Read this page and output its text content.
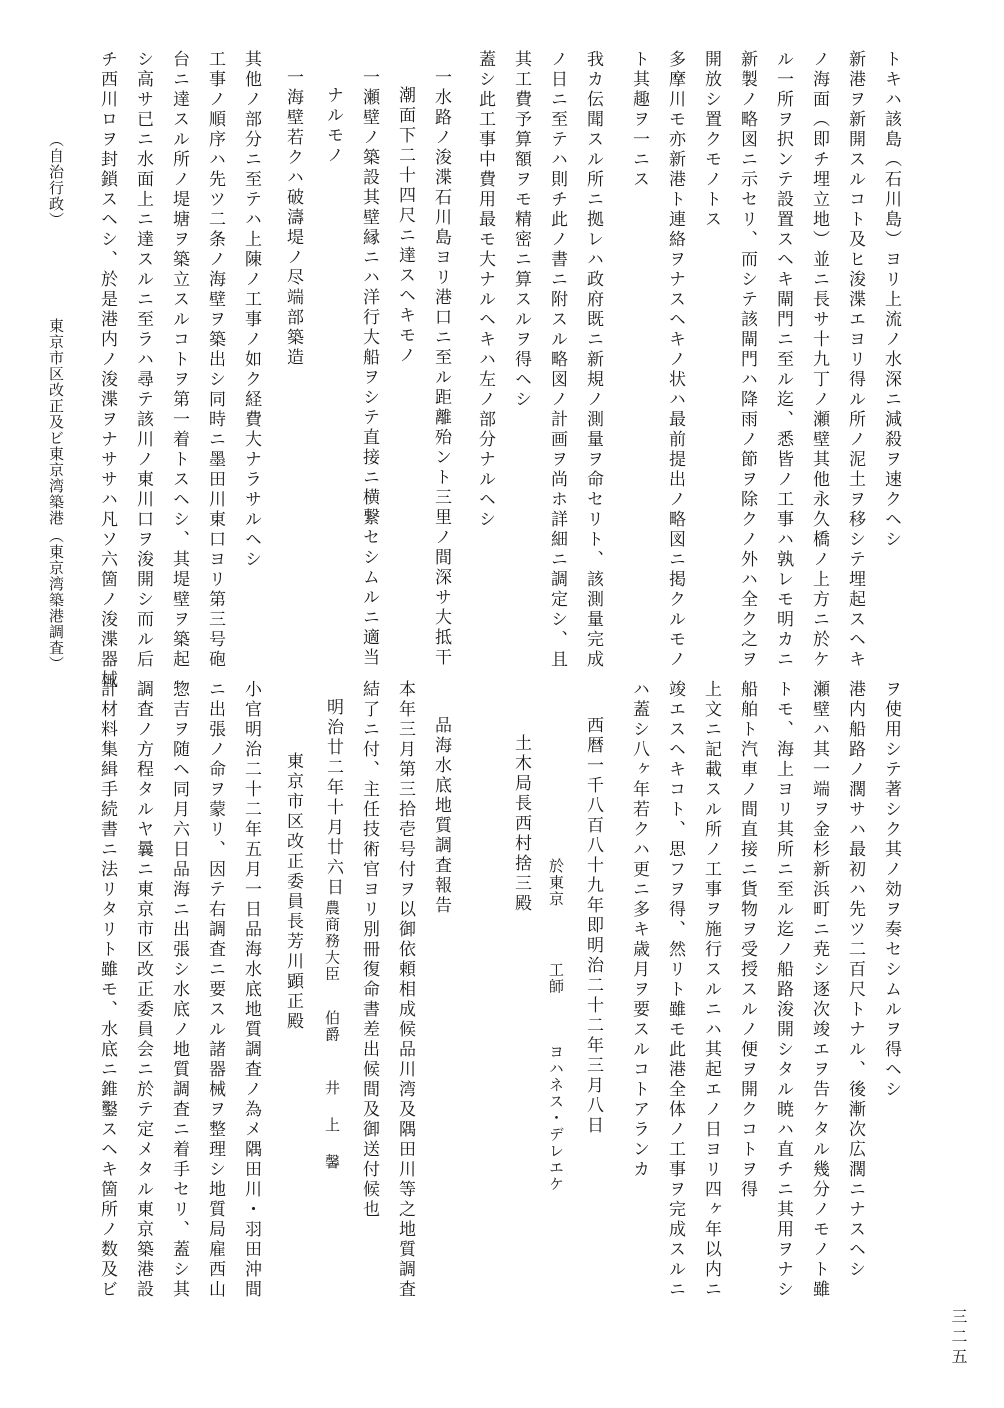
（自治行政）
東京市区改正及ビ東京湾築港
（東京湾築港調査）
三二五
トキハ該島（石川島）ヨリ上流ノ水深ニ減殺ヲ速クヘシ
新港ヲ新開スルコト及ヒ浚渫エヨリ得ル所ノ泥土ヲ移シテ埋起スヘキ
ノ海面（即チ埋立地）並ニ長サ十九丁ノ瀬壁其他永久橋ノ上方ニ於ケ
ル一所ヲ択ンテ設置スヘキ閘門ニ至ル迄、悉皆ノ工事ハ孰レモ明カニ
新製ノ略図ニ示セリ、而シテ該閘門ハ降雨ノ節ヲ除クノ外ハ全ク之ヲ
開放シ置クモノトス
多摩川モ亦新港ト連絡ヲナスヘキノ状ハ最前提出ノ略図ニ掲クルモノ
ト其趣ヲ一ニス
我カ伝聞スル所ニ拠レハ政府既ニ新規ノ測量ヲ命セリト、該測量完成
ノ日ニ至テハ則チ此ノ書ニ附スル略図ノ計画ヲ尚ホ詳細ニ調定シ、且
其工費予算額ヲモ精密ニ算スルヲ得ヘシ
蓋シ此工事中費用最モ大ナルヘキハ左ノ部分ナルヘシ
一水路ノ浚渫石川島ヨリ港口ニ至ル距離殆ント三里ノ間深サ大抵干
潮面下二十四尺ニ達スヘキモノ
一瀬壁ノ築設其壁縁ニハ洋行大船ヲシテ直接ニ横繋セシムルニ適当
ナルモノ
一海壁若クハ破濤堤ノ尽端部築造
其他ノ部分ニ至テハ上陳ノ工事ノ如ク経費大ナラサルヘシ
工事ノ順序ハ先ツ二条ノ海壁ヲ築出シ同時ニ墨田川東口ヨリ第三号砲
台ニ達スル所ノ堤塘ヲ築立スルコトヲ第一着トスヘシ、其堤壁ヲ築起
シ高サ已ニ水面上ニ達スルニ至ラハ尋テ該川ノ東川口ヲ浚開シ而ル后
チ西川ロヲ封鎖スヘシ、於是港内ノ浚渫ヲナササハ凡ソ六箇ノ浚渫器械
ヲ使用シテ著シク其ノ効ヲ奏セシムルヲ得ヘシ
港内船路ノ濶サハ最初ハ先ツ二百尺トナル、後漸次広濶ニナスヘシ
瀬壁ハ其一端ヲ金杉新浜町ニ尭シ逐次竣エヲ告ケタル幾分ノモノト雖
トモ、海上ヨリ其所ニ至ル迄ノ船路浚開シタル暁ハ直チニ其用ヲナシ
船舶ト汽車ノ間直接ニ貨物ヲ受授スルノ便ヲ開クコトヲ得
上文ニ記載スル所ノ工事ヲ施行スルニハ其起エノ日ヨリ四ヶ年以内ニ
竣エスヘキコト、思フヲ得、然リト雖モ此港全体ノ工事ヲ完成スルニ
ハ蓋シ八ヶ年若クハ更ニ多キ歳月ヲ要スルコトアランカ
西暦一千八百八十九年即明治二十二年三月八日
於東京
工師
ヨハネス・デレエケ
土木局長西村捨三殿
品海水底地質調査報告
本年三月第三拾壱号付ヲ以御依頼相成候品川湾及隅田川等之地質調査
結了ニ付、主任技術官ヨリ別冊復命書差出候間及御送付候也
明治廿二年十月廿六日
農商務大臣
伯爵
井上馨
東京市区改正委員長芳川顕正殿
小官明治二十二年五月一日品海水底地質調査ノ為メ隅田川・羽田沖間
ニ出張ノ命ヲ蒙リ、因テ右調査ニ要スル諸器械ヲ整理シ地質局雇西山
惣吉ヲ随ヘ同月六日品海ニ出張シ水底ノ地質調査ニ着手セリ、蓋シ其
調査ノ方程タルヤ曩ニ東京市区改正委員会ニ於テ定メタル東京築港設
計材料集緝手続書ニ法リタリト雖モ、水底ニ錐鑿スヘキ箇所ノ数及ビ
